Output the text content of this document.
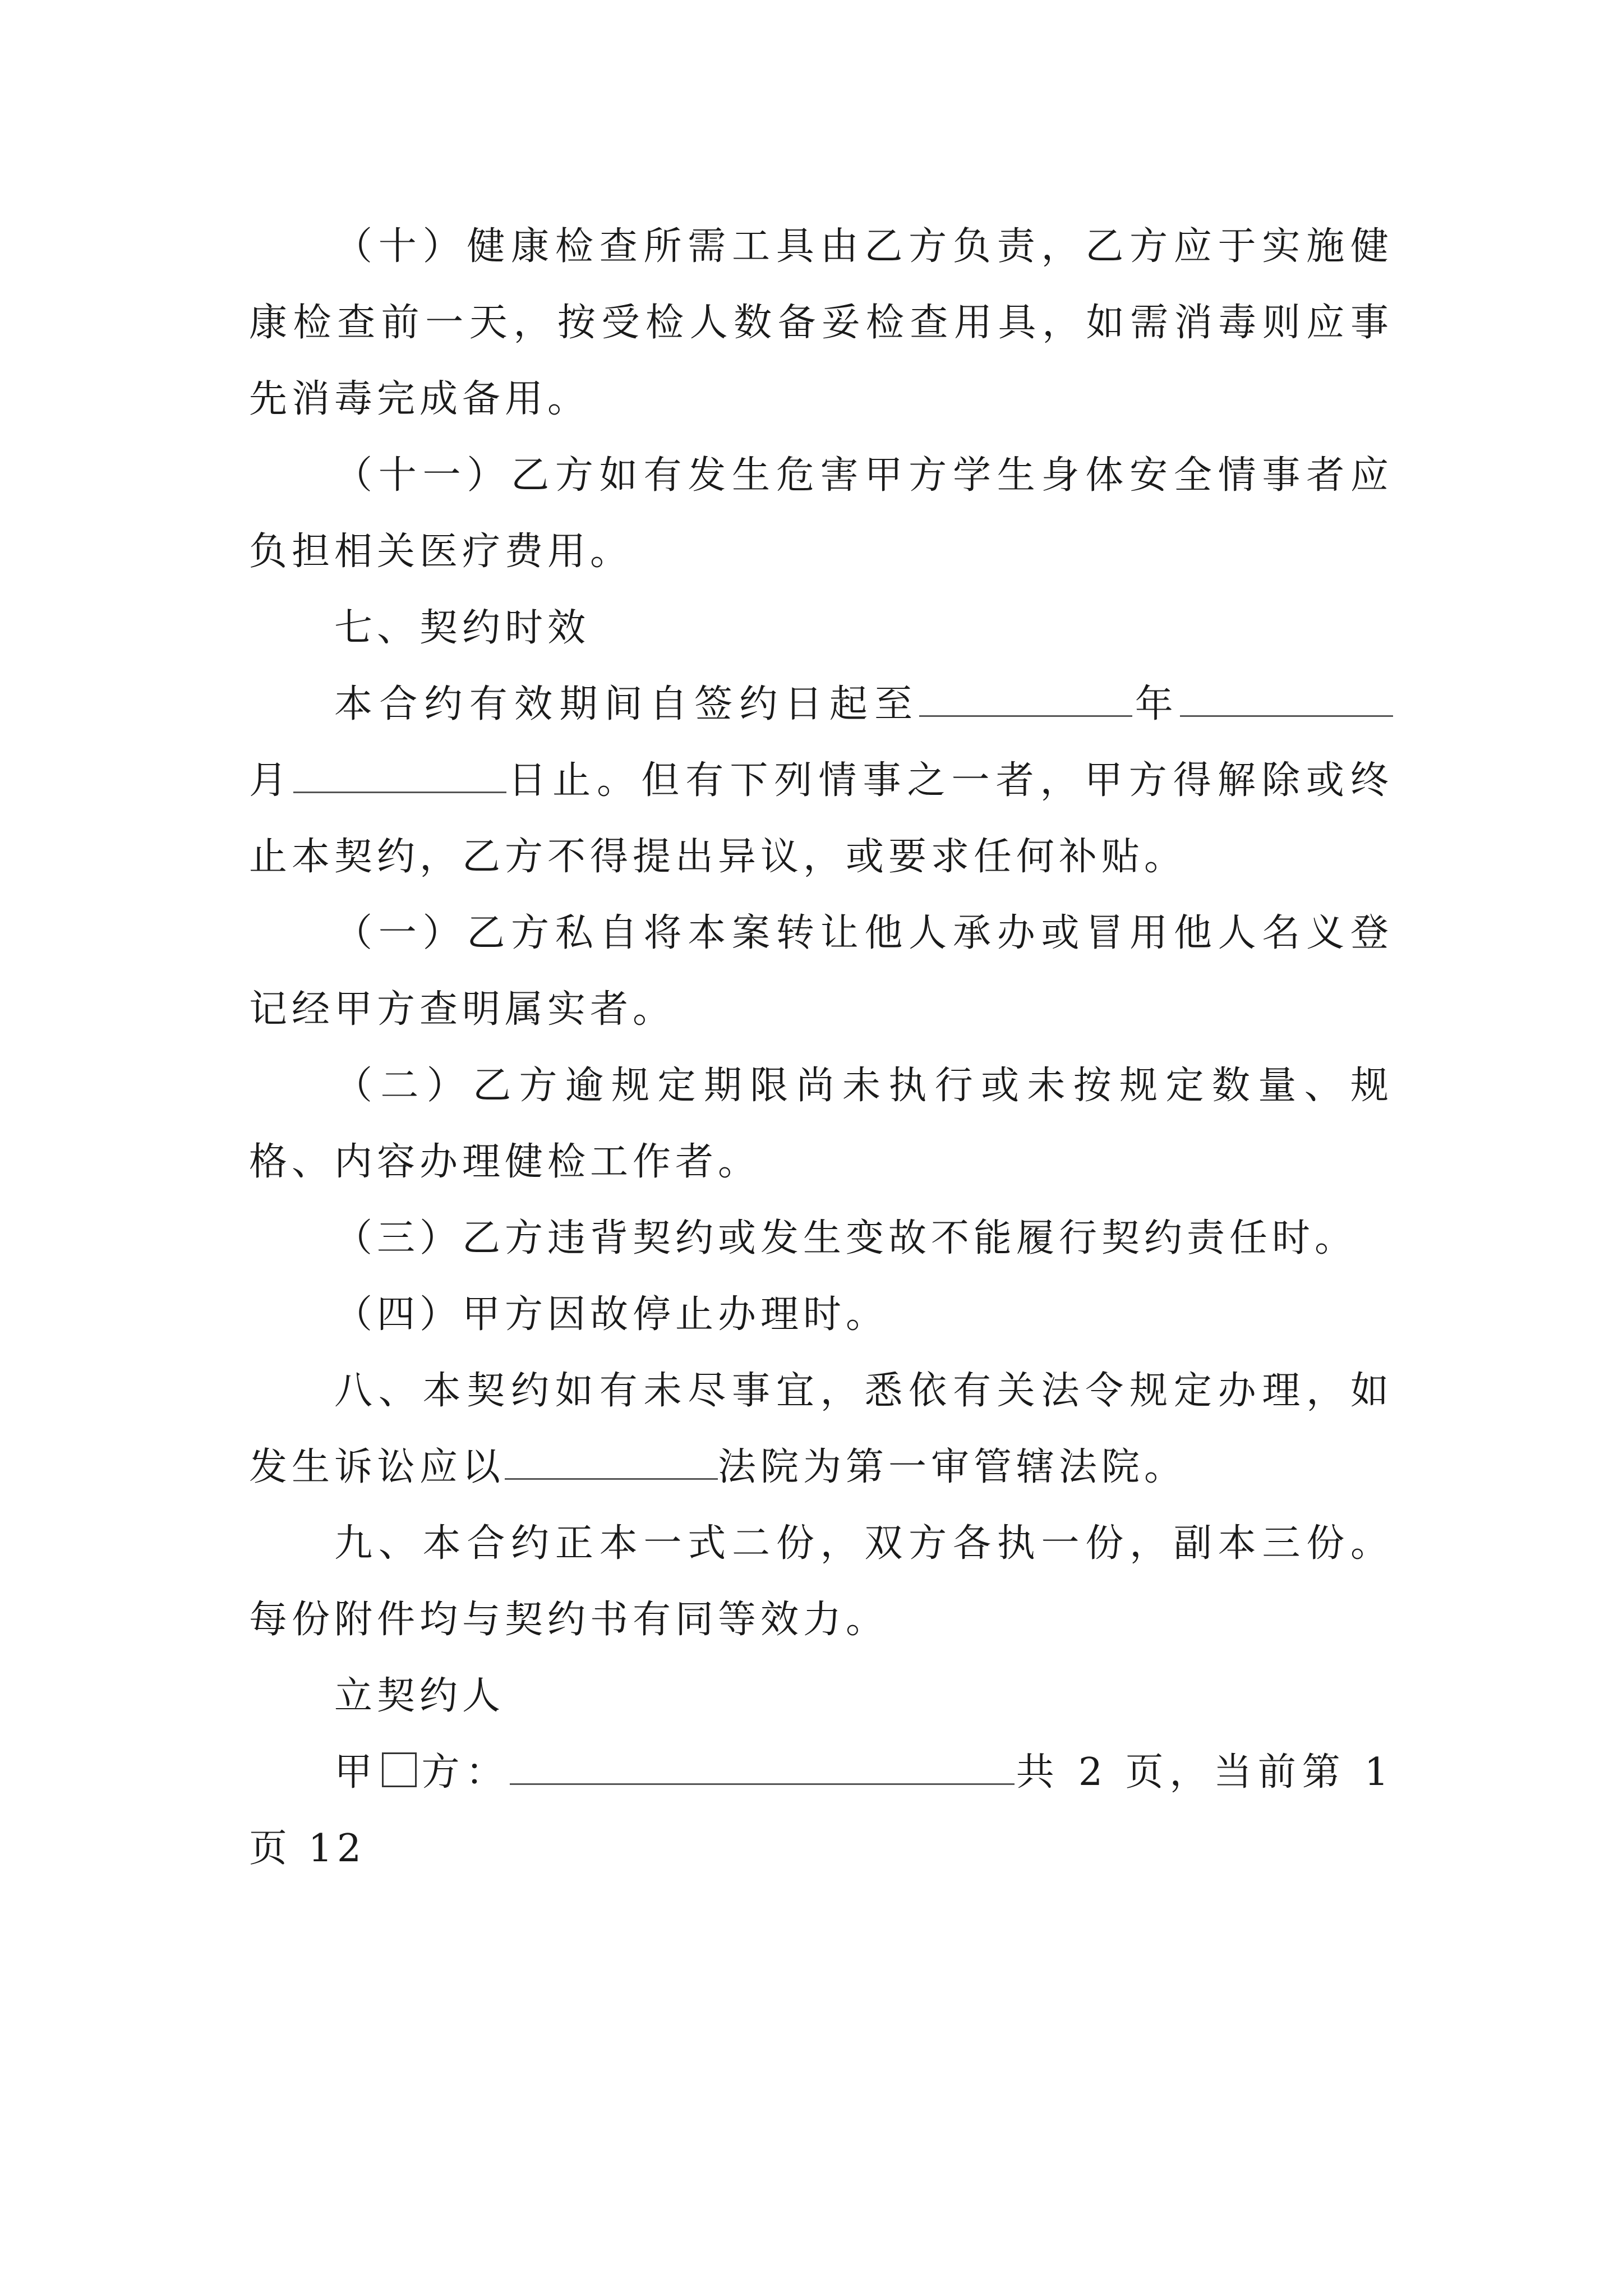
（十）健康检查所需工具由乙方负责，乙方应于实施健康检查前一天，按受检人数备妥检查用具，如需消毒则应事先消毒完成备用。

（十一）乙方如有发生危害甲方学生身体安全情事者应负担相关医疗费用。

七、契约时效

本合约有效期间自签约日起至	年月	日止。但有下列情事之一者，甲方得解除或终止本契约，乙方不得提出异议，或要求任何补贴。

（一）乙方私自将本案转让他人承办或冒用他人名义登记经甲方查明属实者。

（二）乙方逾规定期限尚未执行或未按规定数量、规格、内容办理健检工作者。

（三）乙方违背契约或发生变故不能履行契约责任时。

（四）甲方因故停止办理时。

八、本契约如有未尽事宜，悉依有关法令规定办理，如发生诉讼应以	法院为第一审管辖法院。

九、本合约正本一式二份，双方各执一份，副本三份。每份附件均与契约书有同等效力。

立契约人

甲 方：	共 2 页，当前第 1 页 12
